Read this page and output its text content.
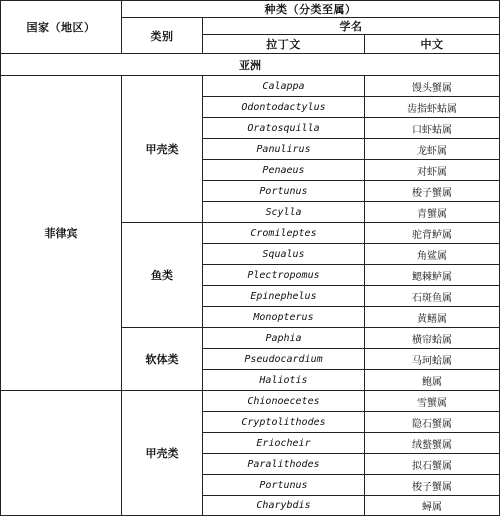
国家（地区）	种类（分类至属）		
	类别	学名	
		拉丁文	中文
亚洲			
菲律宾	甲壳类	Calappa	馒头蟹属
		Odontodactylus	齿指虾蛄属
		Oratosquilla	口虾蛄属
		Panulirus	龙虾属
		Penaeus	对虾属
		Portunus	梭子蟹属
		Scylla	青蟹属
	鱼类	Cromileptes	驼背鲈属
		Squalus	角鲨属
		Plectropomus	鳃棘鲈属
		Epinephelus	石斑鱼属
		Monopterus	黄鳝属
	软体类	Paphia	横帘蛤属
		Pseudocardium	马珂蛤属
		Haliotis	鲍属
	甲壳类	Chionoecetes	雪蟹属
		Cryptolithodes	隐石蟹属
		Eriocheir	绒螯蟹属
		Paralithodes	拟石蟹属
		Portunus	梭子蟹属
		Charybdis	蟳属
